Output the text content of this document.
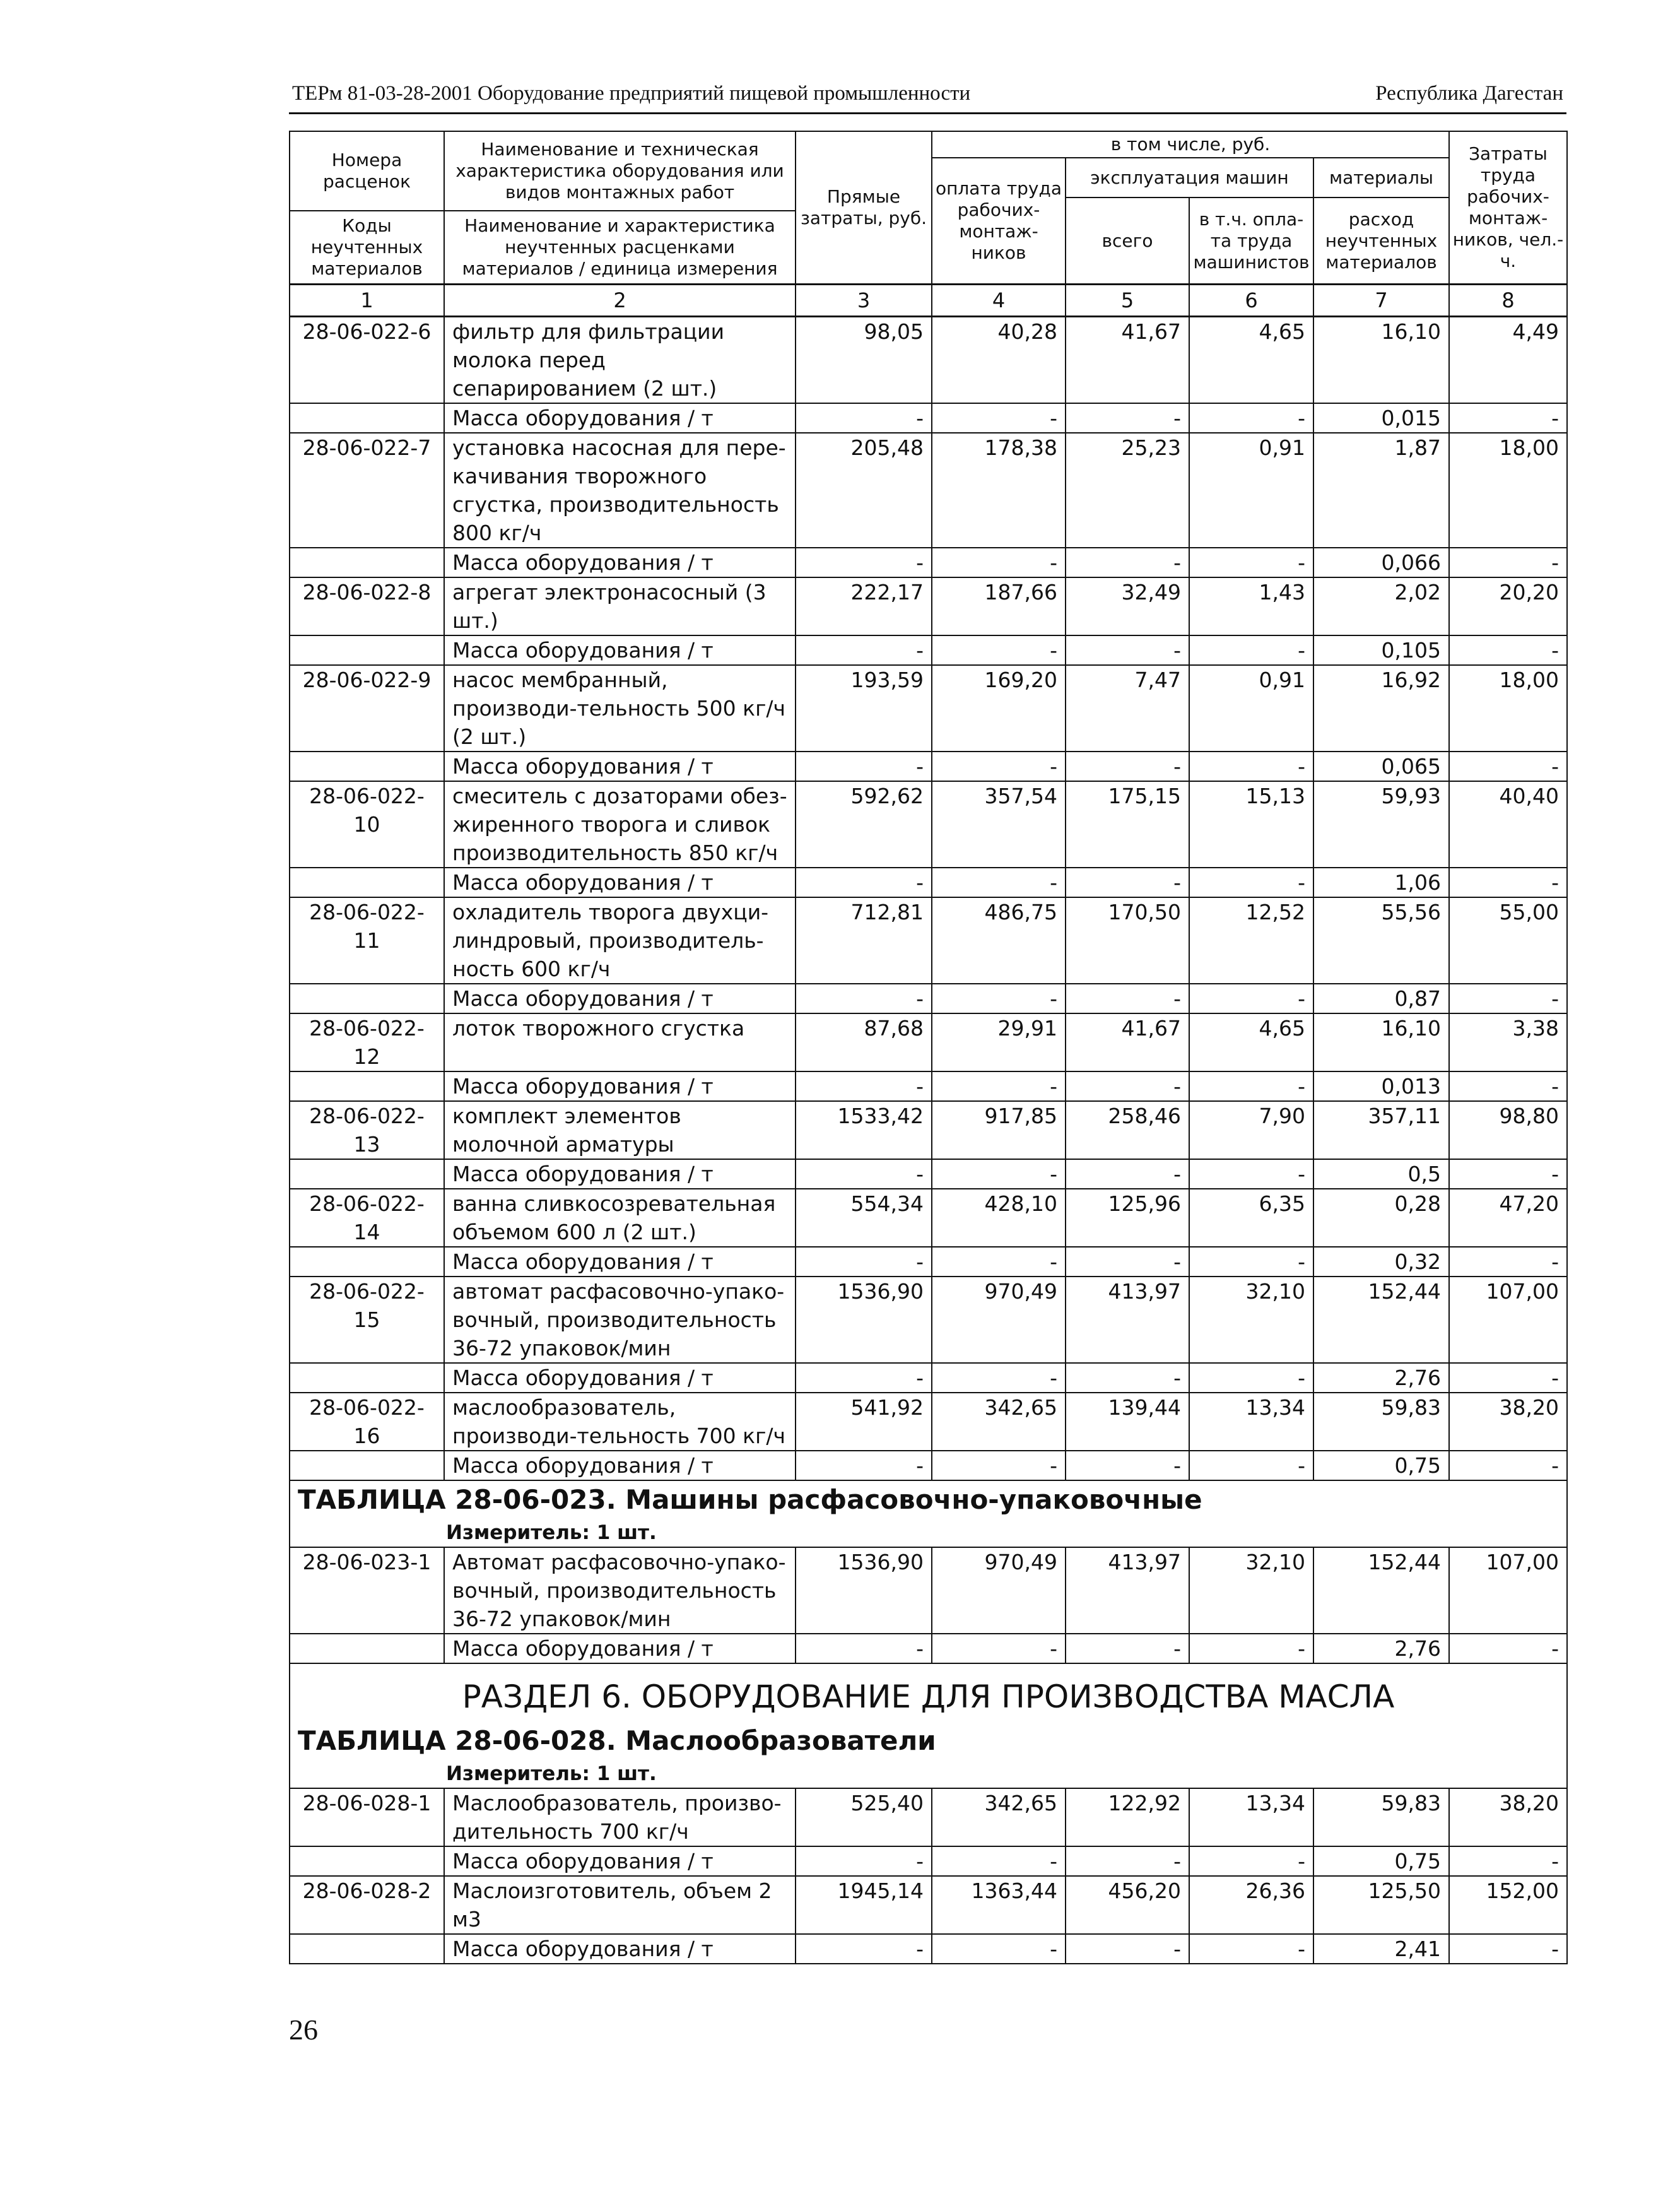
ТЕРм 81-03-28-2001 Оборудование предприятий пищевой промышленности	Республика Дагестан
Номера расценок	Наименование и техническая характеристика оборудования или видов монтажных работ	Прямые затраты, руб.	в том числе, руб.				Затраты труда рабочих-монтаж-ников, чел.-ч.
			оплата труда рабочих-монтаж-ников	эксплуатация машин		материалы	
				всего	в т.ч. опла-та труда машинистов	расход неучтенных материалов	
Коды неучтенных материалов	Наименование и характеристика неучтенных расценками материалов / единица измерения						

1	2	3	4	5	6	7	8
28-06-022-6	фильтр для фильтрации молока перед сепарированием (2 шт.)	98,05	40,28	41,67	4,65	16,10	4,49
	Масса оборудования / т	-	-	-	-	0,015	-
28-06-022-7	установка насосная для пере-качивания творожного сгустка, производительность 800 кг/ч	205,48	178,38	25,23	0,91	1,87	18,00
	Масса оборудования / т	-	-	-	-	0,066	-
28-06-022-8	агрегат электронасосный (3 шт.)	222,17	187,66	32,49	1,43	2,02	20,20
	Масса оборудования / т	-	-	-	-	0,105	-
28-06-022-9	насос мембранный, производи-тельность 500 кг/ч (2 шт.)	193,59	169,20	7,47	0,91	16,92	18,00
	Масса оборудования / т	-	-	-	-	0,065	-
28-06-022-10	смеситель с дозаторами обез-жиренного творога и сливок производительность 850 кг/ч	592,62	357,54	175,15	15,13	59,93	40,40
	Масса оборудования / т	-	-	-	-	1,06	-
28-06-022-11	охладитель творога двухци-линдровый, производитель-ность 600 кг/ч	712,81	486,75	170,50	12,52	55,56	55,00
	Масса оборудования / т	-	-	-	-	0,87	-
28-06-022-12	лоток творожного сгустка	87,68	29,91	41,67	4,65	16,10	3,38
	Масса оборудования / т	-	-	-	-	0,013	-
28-06-022-13	комплект элементов молочной арматуры	1533,42	917,85	258,46	7,90	357,11	98,80
	Масса оборудования / т	-	-	-	-	0,5	-
28-06-022-14	ванна сливкосозревательная объемом 600 л (2 шт.)	554,34	428,10	125,96	6,35	0,28	47,20
	Масса оборудования / т	-	-	-	-	0,32	-
28-06-022-15	автомат расфасовочно-упако-вочный, производительность 36-72 упаковок/мин	1536,90	970,49	413,97	32,10	152,44	107,00
	Масса оборудования / т	-	-	-	-	2,76	-
28-06-022-16	маслообразователь, производи-тельность 700 кг/ч	541,92	342,65	139,44	13,34	59,83	38,20
	Масса оборудования / т	-	-	-	-	0,75	-

ТАБЛИЦА 28-06-023. Машины расфасовочно-упаковочные
Измеритель: 1 шт.							

28-06-023-1	Автомат расфасовочно-упако-вочный, производительность 36-72 упаковок/мин	1536,90	970,49	413,97	32,10	152,44	107,00
	Масса оборудования / т	-	-	-	-	2,76	-

РАЗДЕЛ 6. ОБОРУДОВАНИЕ ДЛЯ ПРОИЗВОДСТВА МАСЛА
ТАБЛИЦА 28-06-028. Маслообразователи
Измеритель: 1 шт.							

28-06-028-1	Маслообразователь, произво-дительность 700 кг/ч	525,40	342,65	122,92	13,34	59,83	38,20
	Масса оборудования / т	-	-	-	-	0,75	-
28-06-028-2	Маслоизготовитель, объем 2 м3	1945,14	1363,44	456,20	26,36	125,50	152,00
	Масса оборудования / т	-	-	-	-	2,41	-
26
